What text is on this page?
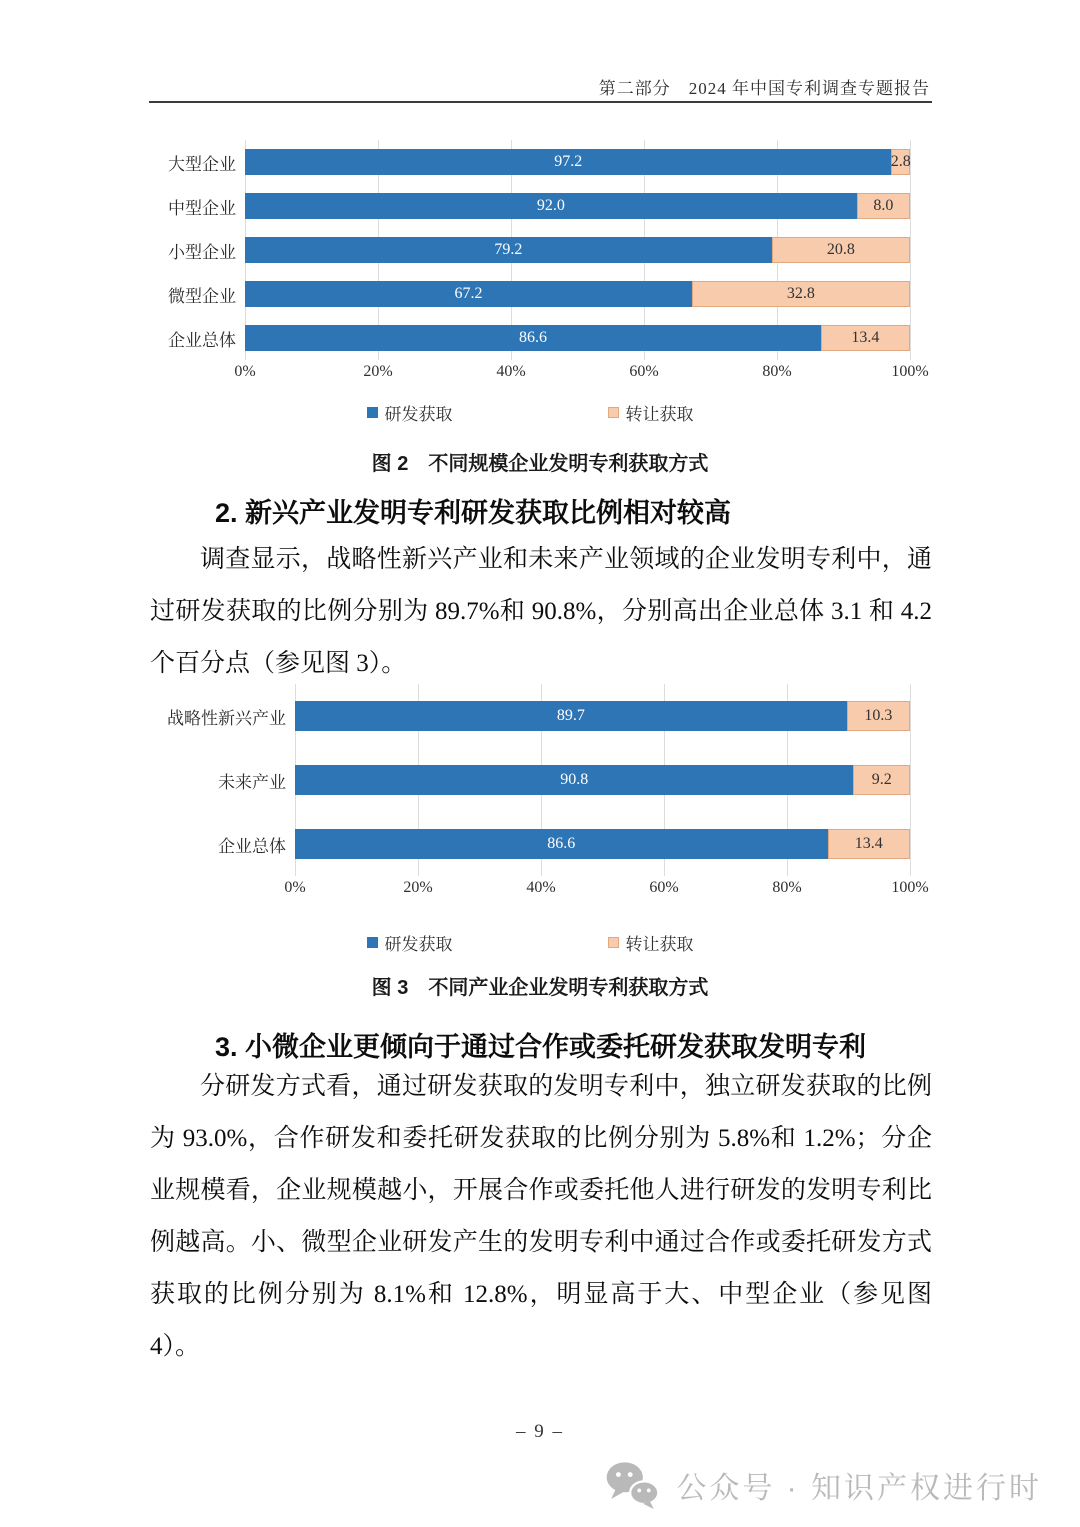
第二部分　2024 年中国专利调查专题报告
大型企业	97.2	2.8
中型企业	92.0	8.0
小型企业	79.2	20.8
微型企业	67.2	32.8
企业总体	86.6	13.4
0%	20%	40%	60%	80%	100%
研发获取	转让获取
图 2　不同规模企业发明专利获取方式
2. 新兴产业发明专利研发获取比例相对较高
调查显示，战略性新兴产业和未来产业领域的企业发明专利中，通过研发获取的比例分别为 89.7%和 90.8%，分别高出企业总体 3.1 和 4.2 个百分点（参见图 3）。
战略性新兴产业	89.7	10.3
未来产业	90.8	9.2
企业总体	86.6	13.4
0%	20%	40%	60%	80%	100%
研发获取	转让获取
图 3　不同产业企业发明专利获取方式
3. 小微企业更倾向于通过合作或委托研发获取发明专利
分研发方式看，通过研发获取的发明专利中，独立研发获取的比例为 93.0%，合作研发和委托研发获取的比例分别为 5.8%和 1.2%；分企业规模看，企业规模越小，开展合作或委托他人进行研发的发明专利比例越高。小、微型企业研发产生的发明专利中通过合作或委托研发方式获取的比例分别为 8.1%和 12.8%，明显高于大、中型企业（参见图 4）。
– 9 –
公众号 · 知识产权进行时
